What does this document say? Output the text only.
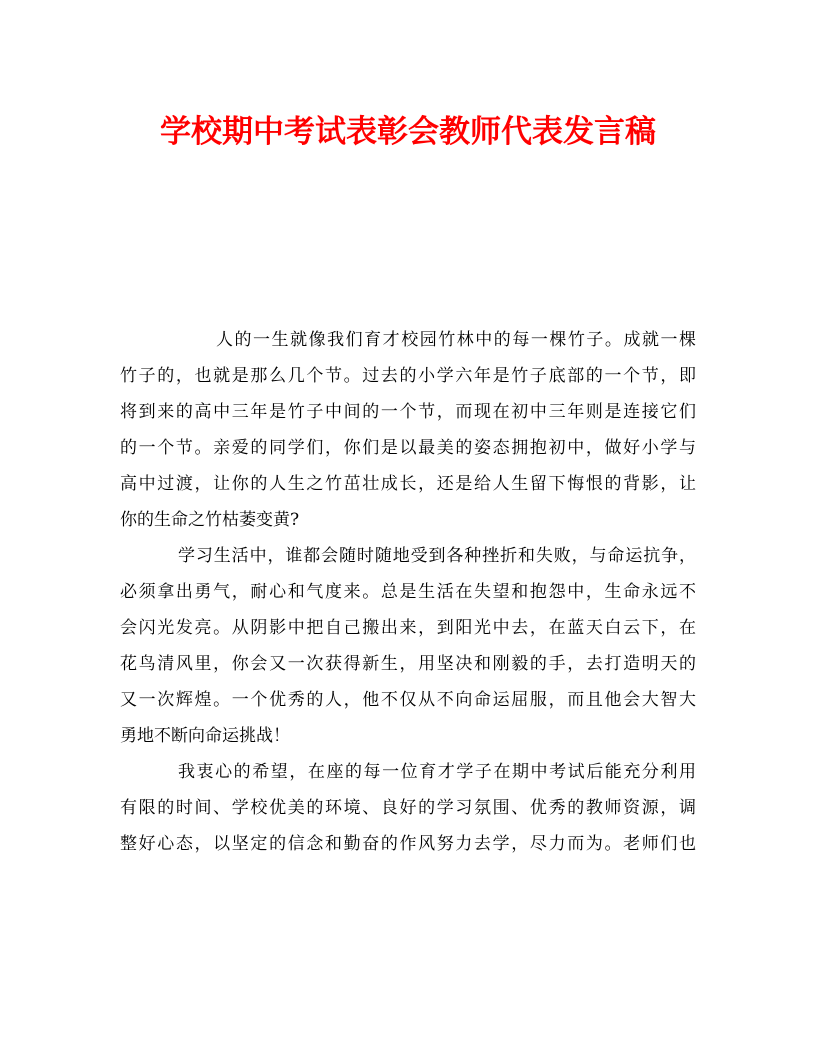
学校期中考试表彰会教师代表发言稿
人的一生就像我们育才校园竹林中的每一棵竹子。成就一棵
竹子的，也就是那么几个节。过去的小学六年是竹子底部的一个节，即
将到来的高中三年是竹子中间的一个节，而现在初中三年则是连接它们
的一个节。亲爱的同学们，你们是以最美的姿态拥抱初中，做好小学与
高中过渡，让你的人生之竹茁壮成长，还是给人生留下悔恨的背影，让
你的生命之竹枯萎变黄?
学习生活中，谁都会随时随地受到各种挫折和失败，与命运抗争，
必须拿出勇气，耐心和气度来。总是生活在失望和抱怨中，生命永远不
会闪光发亮。从阴影中把自己搬出来，到阳光中去，在蓝天白云下，在
花鸟清风里，你会又一次获得新生，用坚决和刚毅的手，去打造明天的
又一次辉煌。一个优秀的人，他不仅从不向命运屈服，而且他会大智大
勇地不断向命运挑战！
我衷心的希望，在座的每一位育才学子在期中考试后能充分利用
有限的时间、学校优美的环境、良好的学习氛围、优秀的教师资源，调
整好心态，以坚定的信念和勤奋的作风努力去学，尽力而为。老师们也
